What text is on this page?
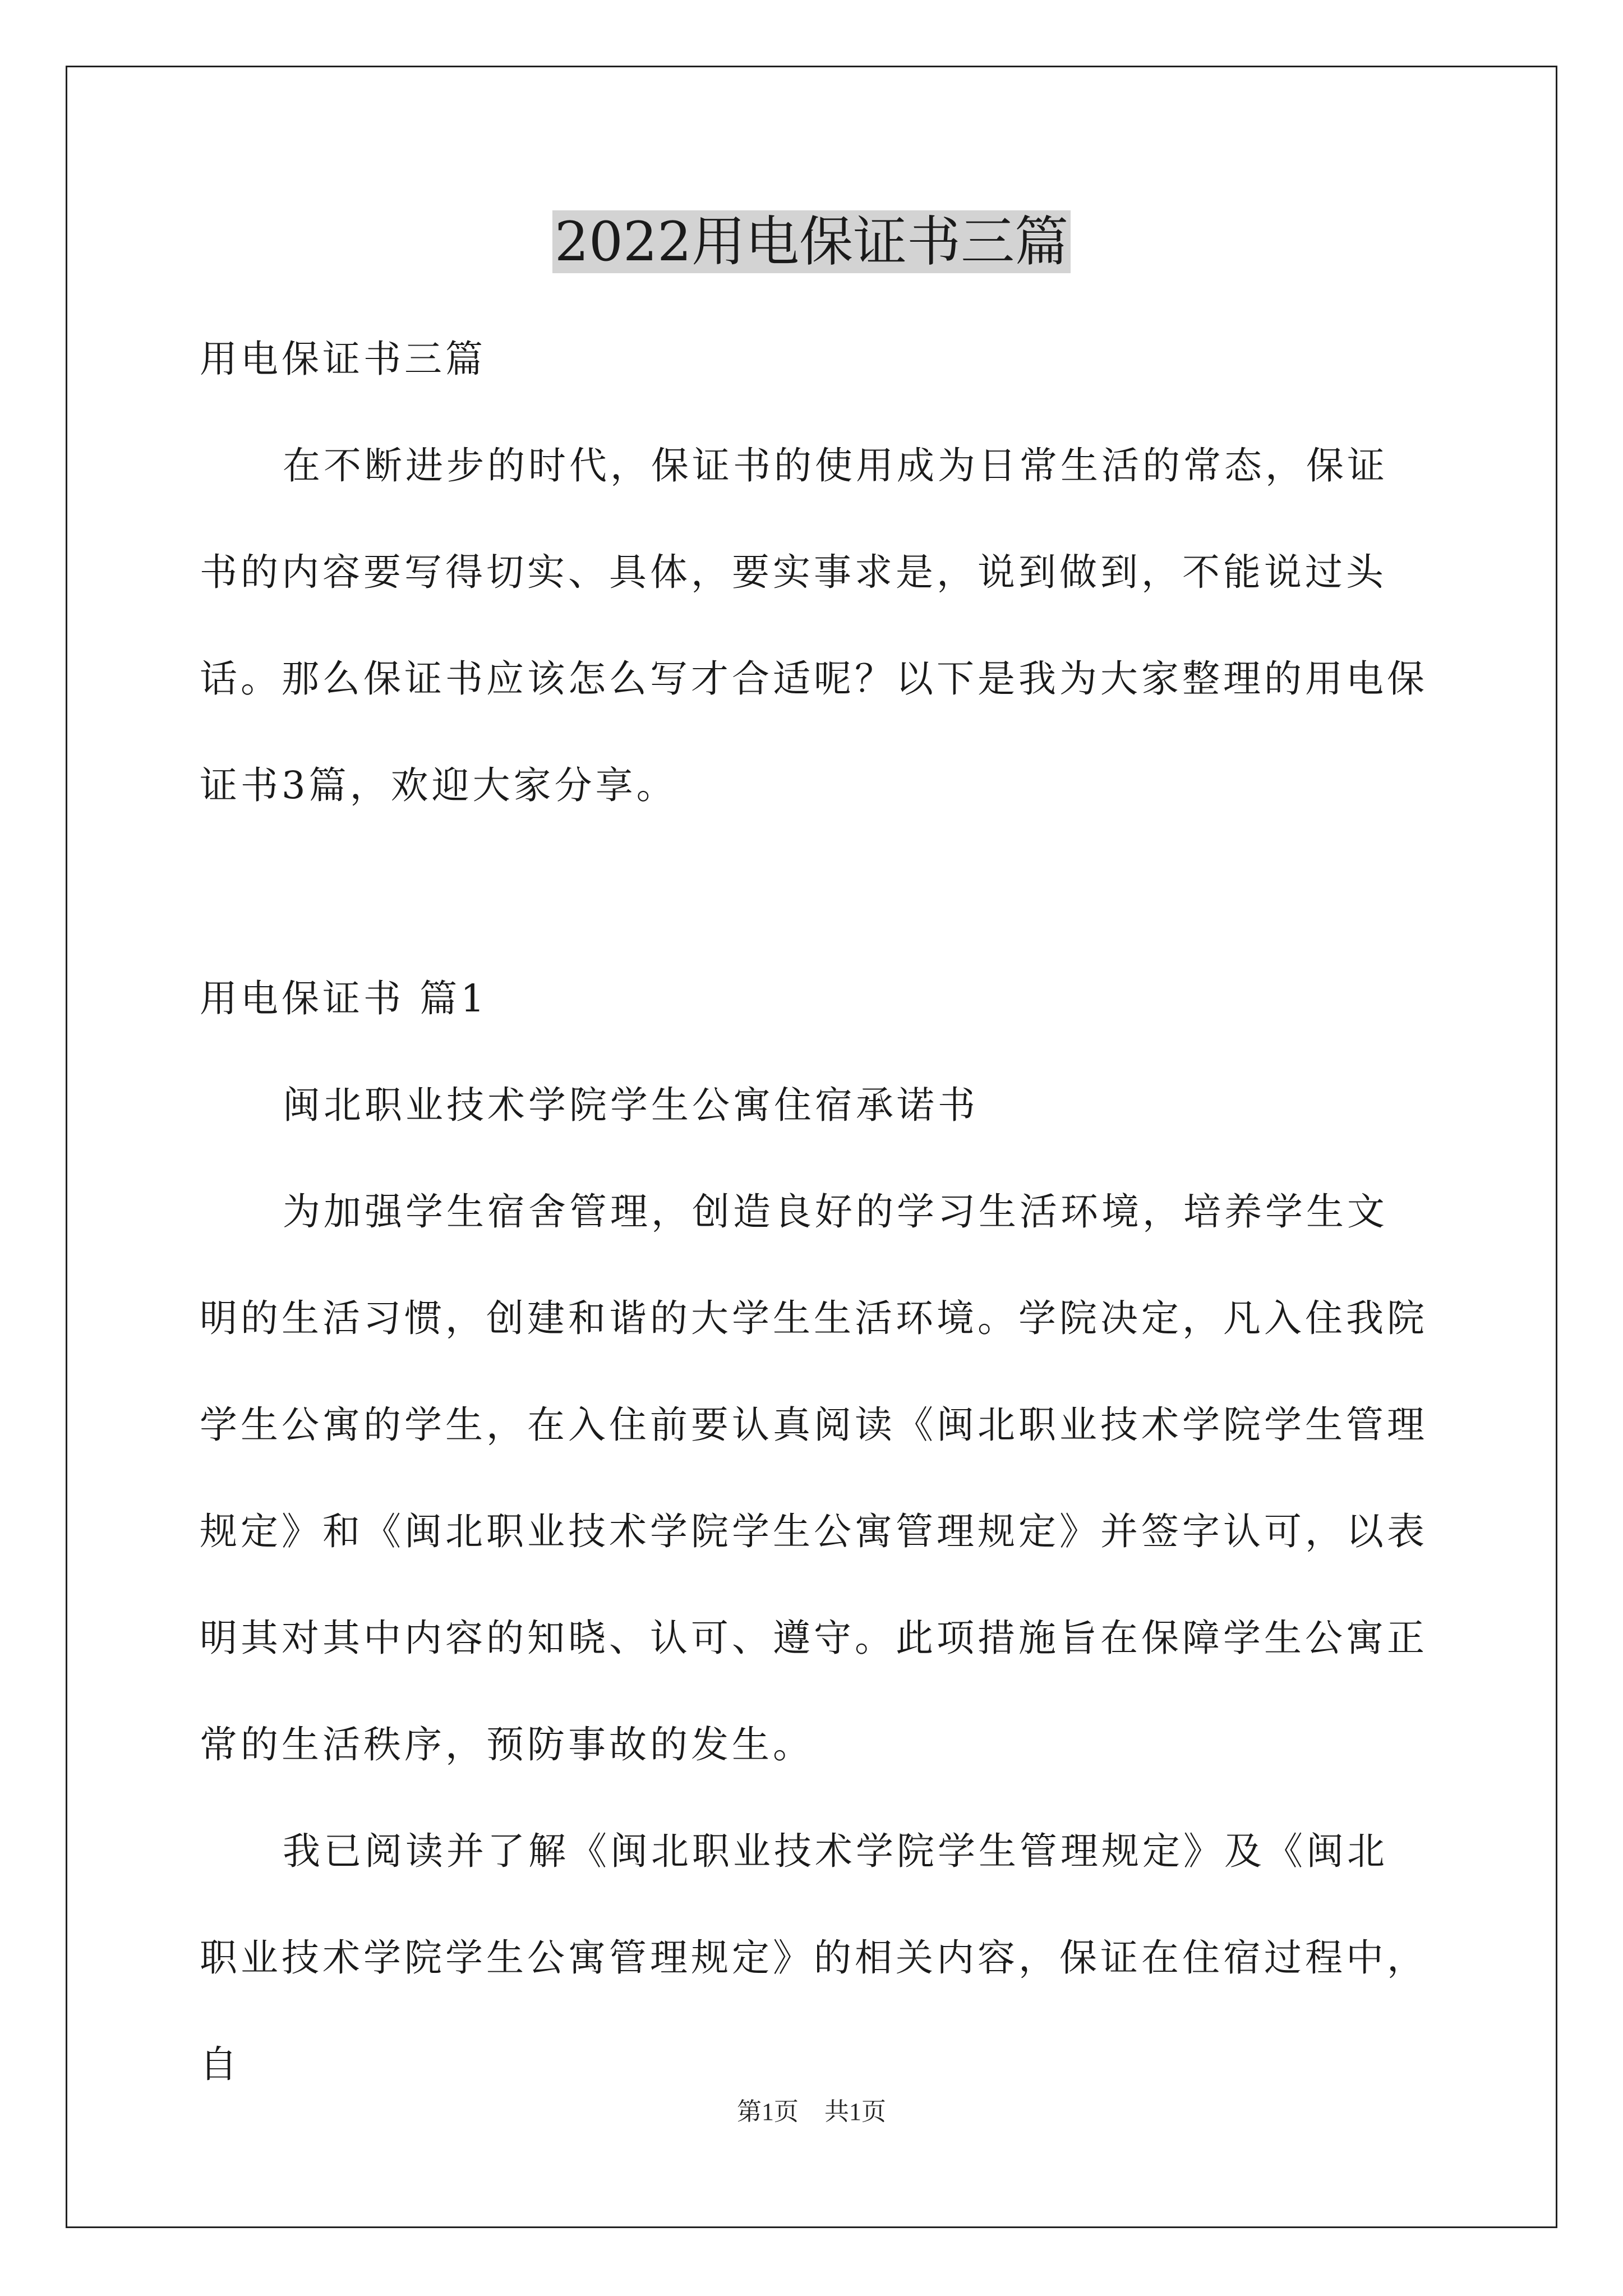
2022用电保证书三篇

用电保证书三篇

在不断进步的时代，保证书的使用成为日常生活的常态，保证书的内容要写得切实、具体，要实事求是，说到做到，不能说过头话。那么保证书应该怎么写才合适呢？以下是我为大家整理的用电保证书3篇，欢迎大家分享。

用电保证书 篇1

闽北职业技术学院学生公寓住宿承诺书

为加强学生宿舍管理，创造良好的学习生活环境，培养学生文明的生活习惯，创建和谐的大学生生活环境。学院决定，凡入住我院学生公寓的学生，在入住前要认真阅读《闽北职业技术学院学生管理规定》和《闽北职业技术学院学生公寓管理规定》并签字认可，以表明其对其中内容的知晓、认可、遵守。此项措施旨在保障学生公寓正常的生活秩序，预防事故的发生。

我已阅读并了解《闽北职业技术学院学生管理规定》及《闽北职业技术学院学生公寓管理规定》的相关内容，保证在住宿过程中，自

第1页 共1页
